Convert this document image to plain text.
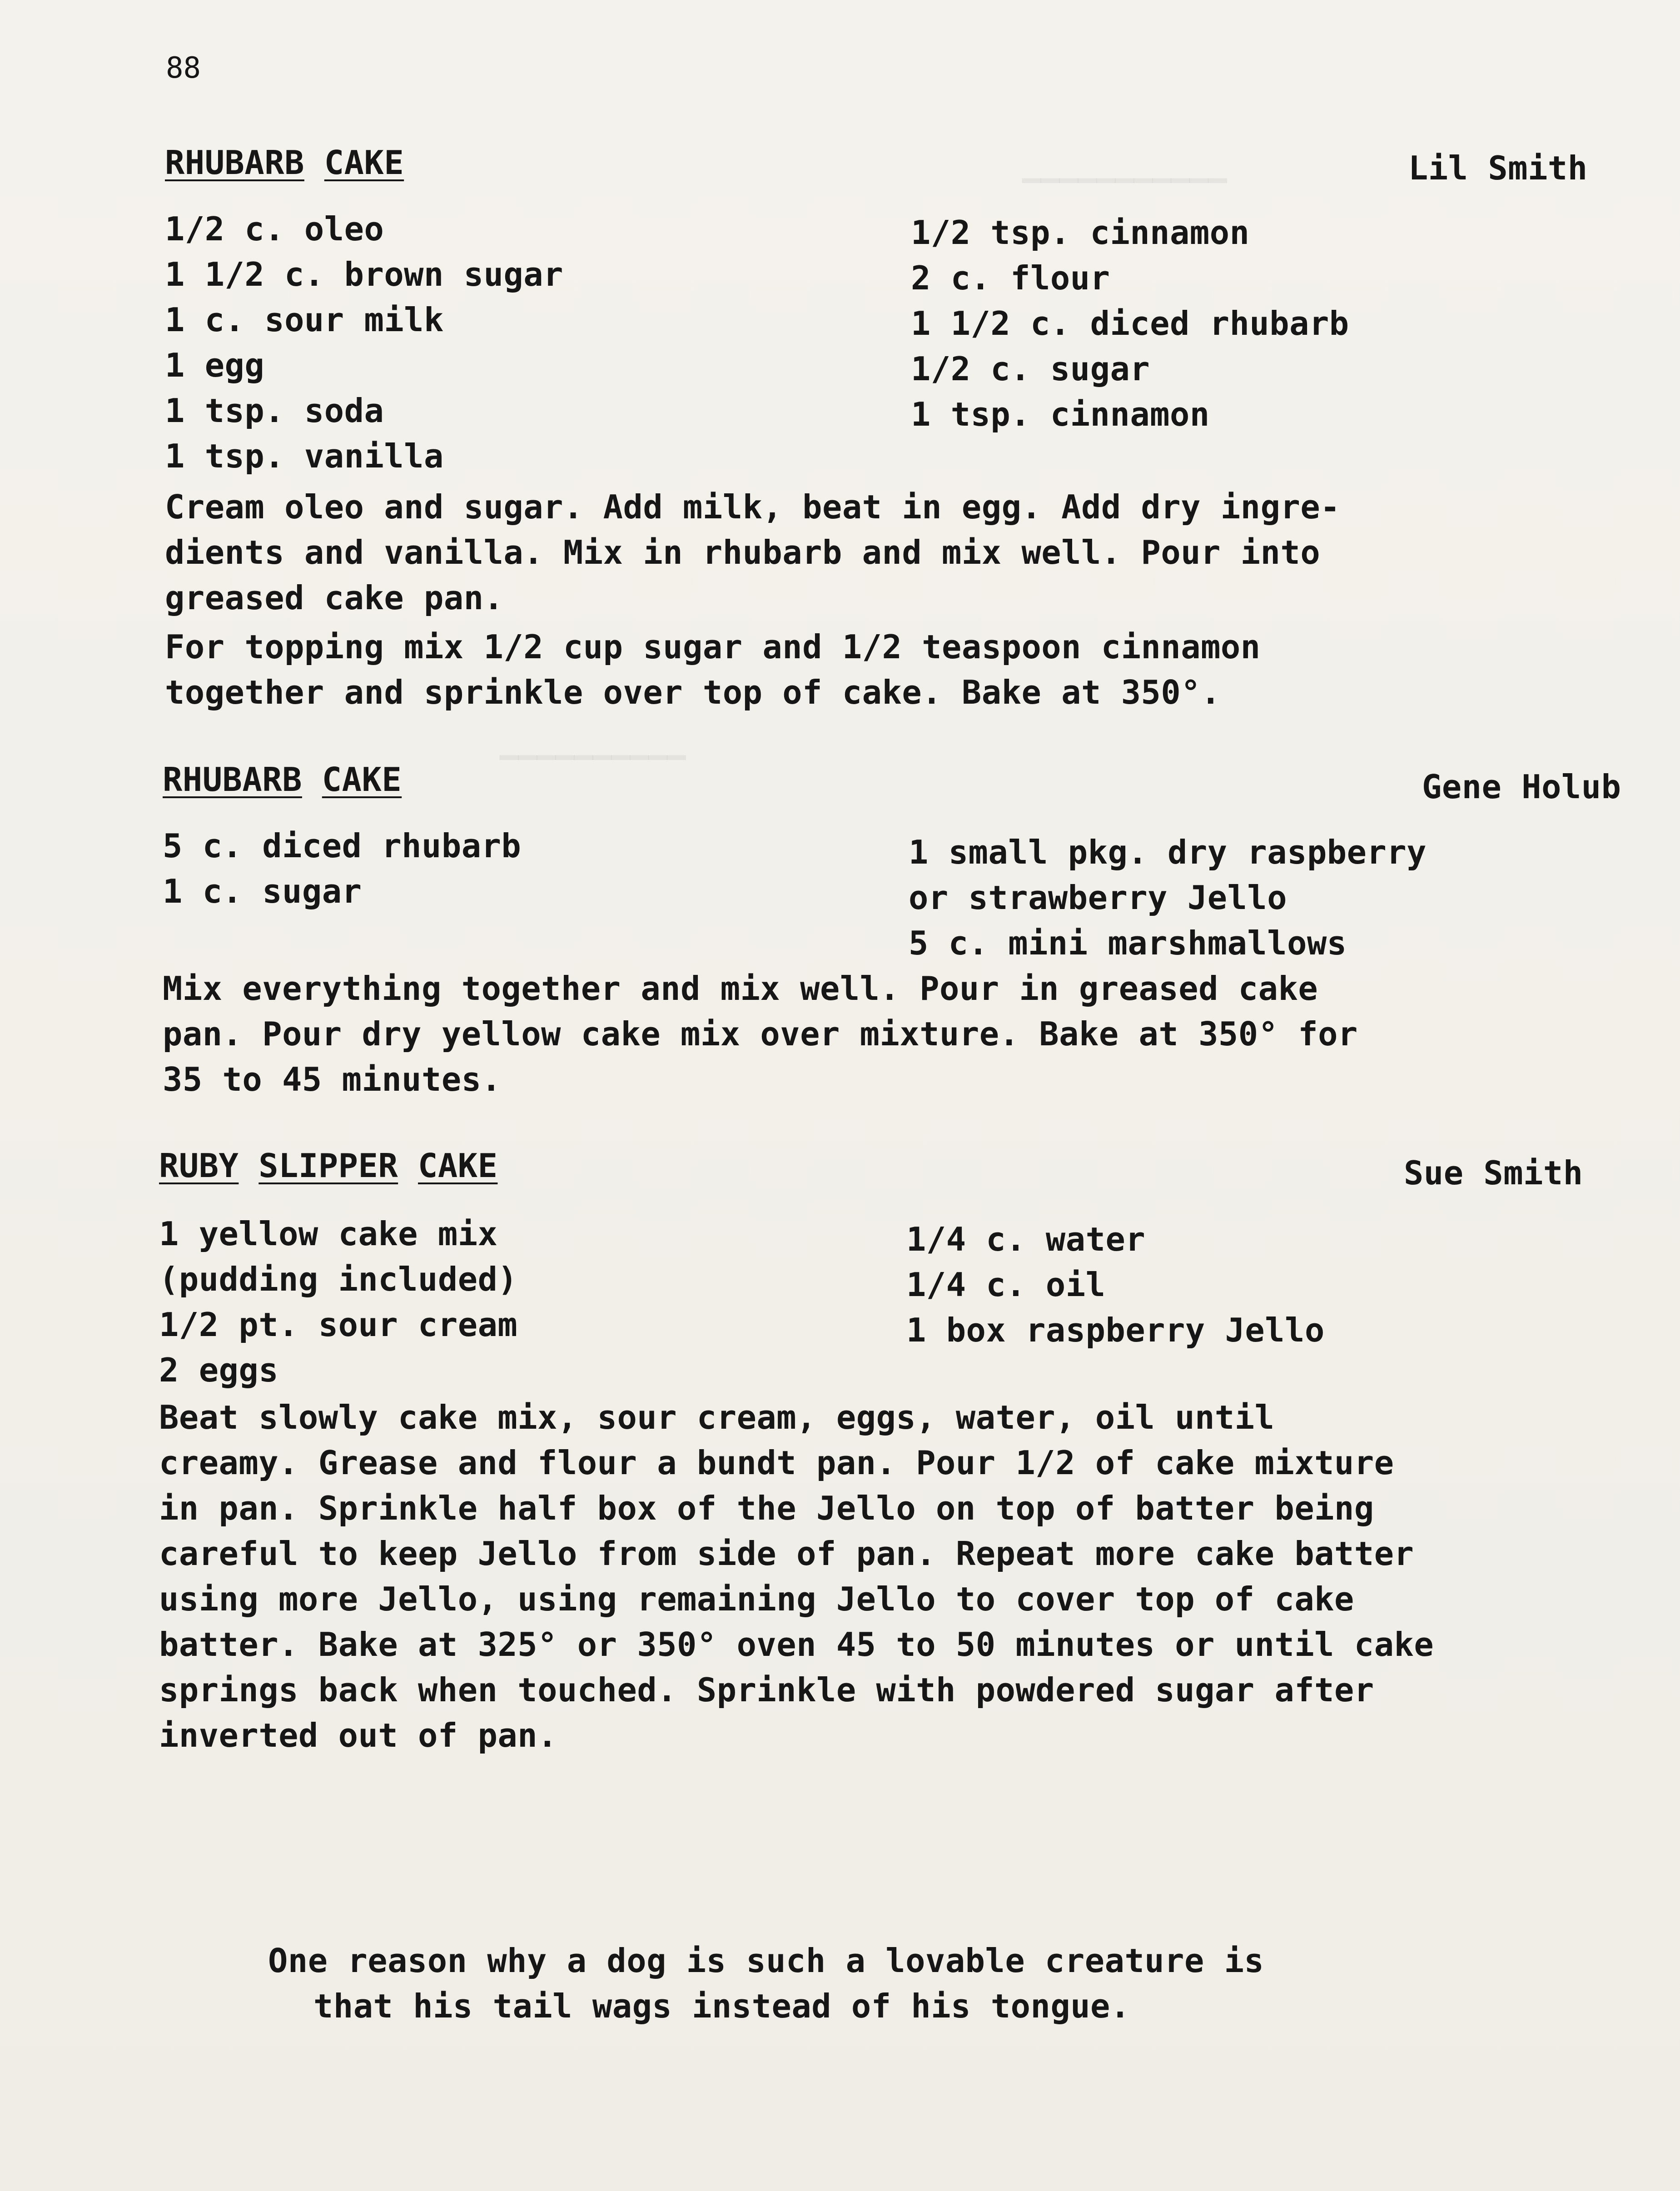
▁▁▁▁▁▁▁▁▁▁▁
▁▁▁▁▁▁▁▁▁▁
88
RHUBARB CAKE	Lil Smith
1/2 c. oleo
1 1/2 c. brown sugar
1 c. sour milk
1 egg
1 tsp. soda
1 tsp. vanilla
1/2 tsp. cinnamon
2 c. flour
1 1/2 c. diced rhubarb
1/2 c. sugar
1 tsp. cinnamon
Cream oleo and sugar. Add milk, beat in egg. Add dry ingre-
dients and vanilla. Mix in rhubarb and mix well. Pour into
greased cake pan.
For topping mix 1/2 cup sugar and 1/2 teaspoon cinnamon
together and sprinkle over top of cake. Bake at 350°.
RHUBARB CAKE	Gene Holub
5 c. diced rhubarb
1 c. sugar
1 small pkg. dry raspberry
or strawberry Jello
5 c. mini marshmallows
Mix everything together and mix well. Pour in greased cake
pan. Pour dry yellow cake mix over mixture. Bake at 350° for
35 to 45 minutes.
RUBY SLIPPER CAKE	Sue Smith
1 yellow cake mix
(pudding included)
1/2 pt. sour cream
2 eggs
1/4 c. water
1/4 c. oil
1 box raspberry Jello
Beat slowly cake mix, sour cream, eggs, water, oil until
creamy. Grease and flour a bundt pan. Pour 1/2 of cake mixture
in pan. Sprinkle half box of the Jello on top of batter being
careful to keep Jello from side of pan. Repeat more cake batter
using more Jello, using remaining Jello to cover top of cake
batter. Bake at 325° or 350° oven 45 to 50 minutes or until cake
springs back when touched. Sprinkle with powdered sugar after
inverted out of pan.
One reason why a dog is such a lovable creature is
that his tail wags instead of his tongue.
